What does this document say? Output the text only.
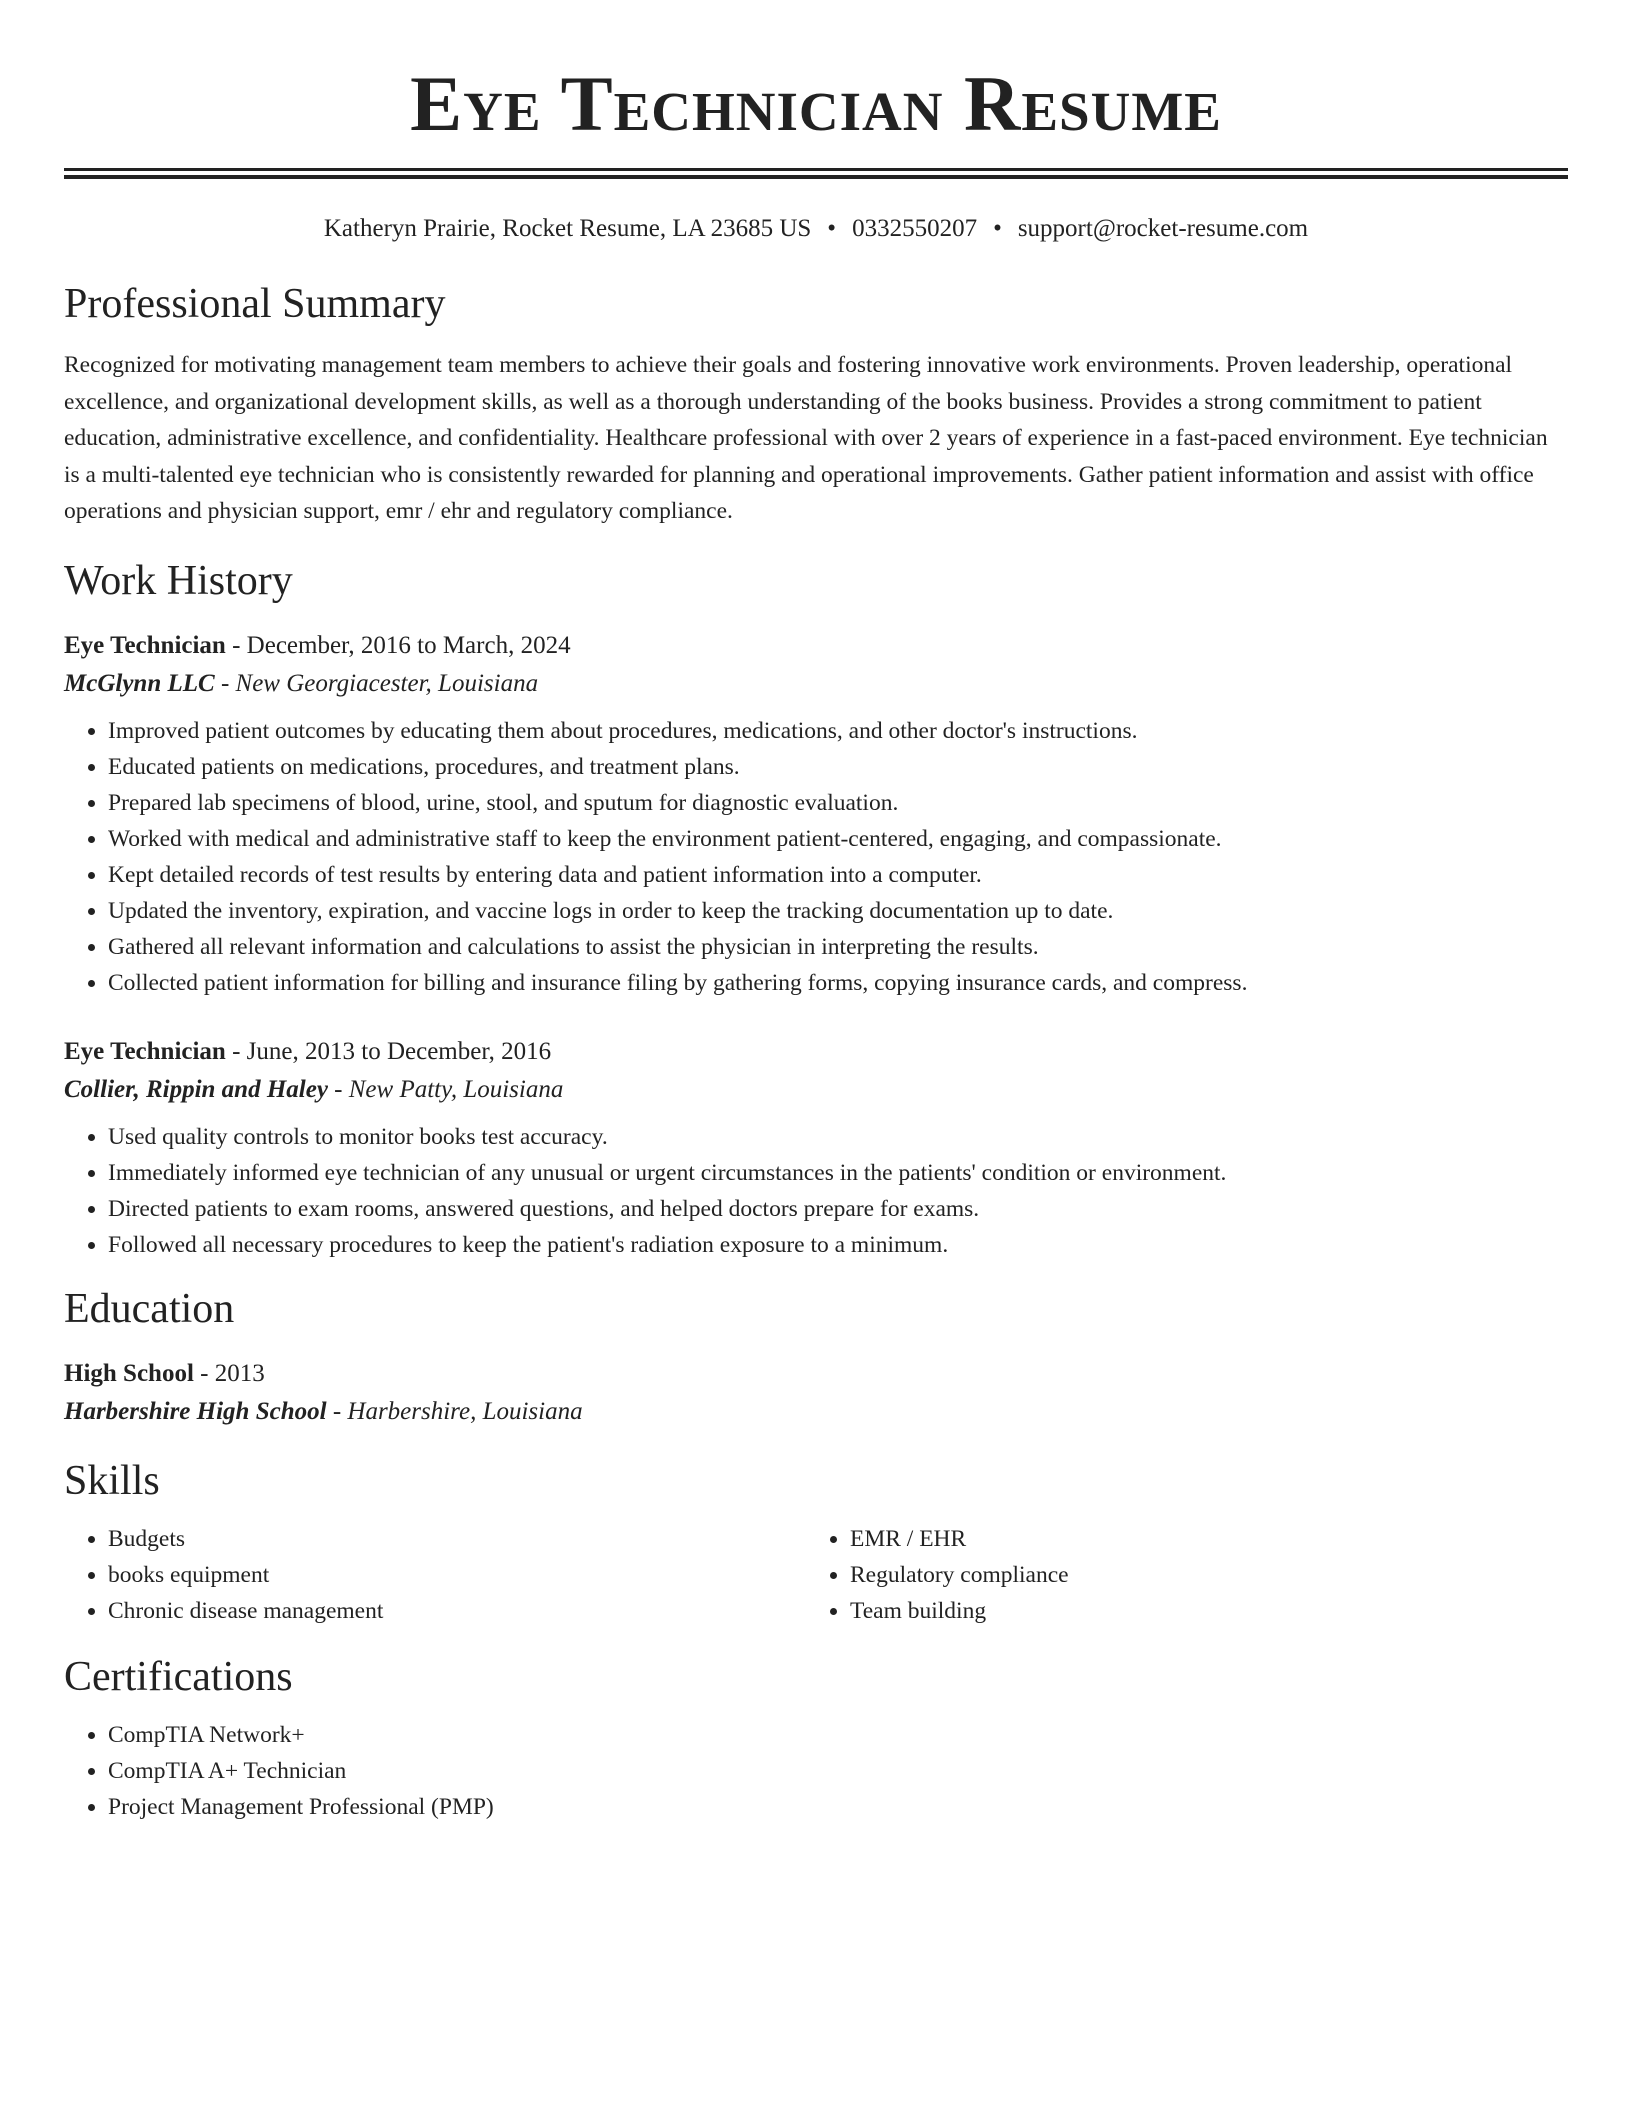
Eye Technician Resume
Katheryn Prairie, Rocket Resume, LA 23685 US • 0332550207 • support@rocket-resume.com
Professional Summary

Recognized for motivating management team members to achieve their goals and fostering innovative work environments. Proven leadership, operational excellence, and organizational development skills, as well as a thorough understanding of the books business. Provides a strong commitment to patient education, administrative excellence, and confidentiality. Healthcare professional with over 2 years of experience in a fast-paced environment. Eye technician is a multi-talented eye technician who is consistently rewarded for planning and operational improvements. Gather patient information and assist with office operations and physician support, emr / ehr and regulatory compliance.

Work History
Eye Technician - December, 2016 to March, 2024
McGlynn LLC - New Georgiacester, Louisiana
• Improved patient outcomes by educating them about procedures, medications, and other doctor's instructions.
• Educated patients on medications, procedures, and treatment plans.
• Prepared lab specimens of blood, urine, stool, and sputum for diagnostic evaluation.
• Worked with medical and administrative staff to keep the environment patient-centered, engaging, and compassionate.
• Kept detailed records of test results by entering data and patient information into a computer.
• Updated the inventory, expiration, and vaccine logs in order to keep the tracking documentation up to date.
• Gathered all relevant information and calculations to assist the physician in interpreting the results.
• Collected patient information for billing and insurance filing by gathering forms, copying insurance cards, and compress.
Eye Technician - June, 2013 to December, 2016
Collier, Rippin and Haley - New Patty, Louisiana
• Used quality controls to monitor books test accuracy.
• Immediately informed eye technician of any unusual or urgent circumstances in the patients' condition or environment.
• Directed patients to exam rooms, answered questions, and helped doctors prepare for exams.
• Followed all necessary procedures to keep the patient's radiation exposure to a minimum.
Education
High School - 2013
Harbershire High School - Harbershire, Louisiana
Skills
• Budgets
• books equipment
• Chronic disease management
• EMR / EHR
• Regulatory compliance
• Team building
Certifications
• CompTIA Network+
• CompTIA A+ Technician
• Project Management Professional (PMP)
